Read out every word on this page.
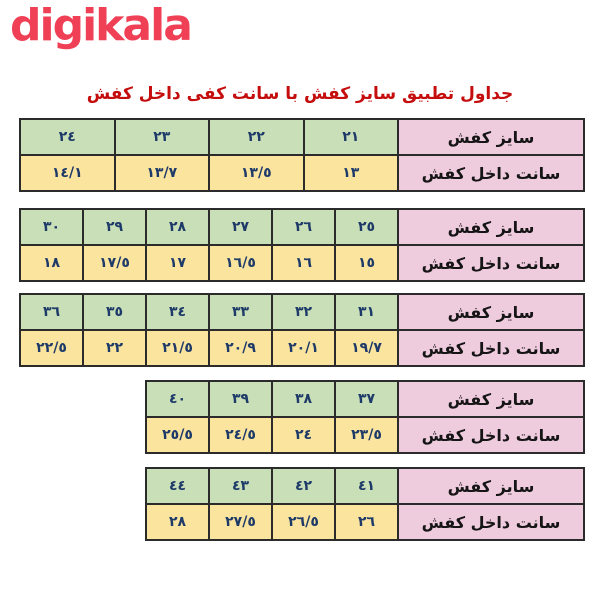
digikala
جداول تطبیق سایز کفش با سانت کفی داخل کفش
سایز کفش	٢١	٢٢	٢٣	٢٤
سانت داخل کفش	١٣	١٣/٥	١٣/٧	١٤/١
سایز کفش	٢٥	٢٦	٢٧	٢٨	٢٩	٣٠
سانت داخل کفش	١٥	١٦	١٦/٥	١٧	١٧/٥	١٨
سایز کفش	٣١	٣٢	٣٣	٣٤	٣٥	٣٦
سانت داخل کفش	١٩/٧	٢٠/١	٢٠/٩	٢١/٥	٢٢	٢٢/٥
سایز کفش	٣٧	٣٨	٣٩	٤٠
سانت داخل کفش	٢٣/٥	٢٤	٢٤/٥	٢٥/٥
سایز کفش	٤١	٤٢	٤٣	٤٤
سانت داخل کفش	٢٦	٢٦/٥	٢٧/٥	٢٨
